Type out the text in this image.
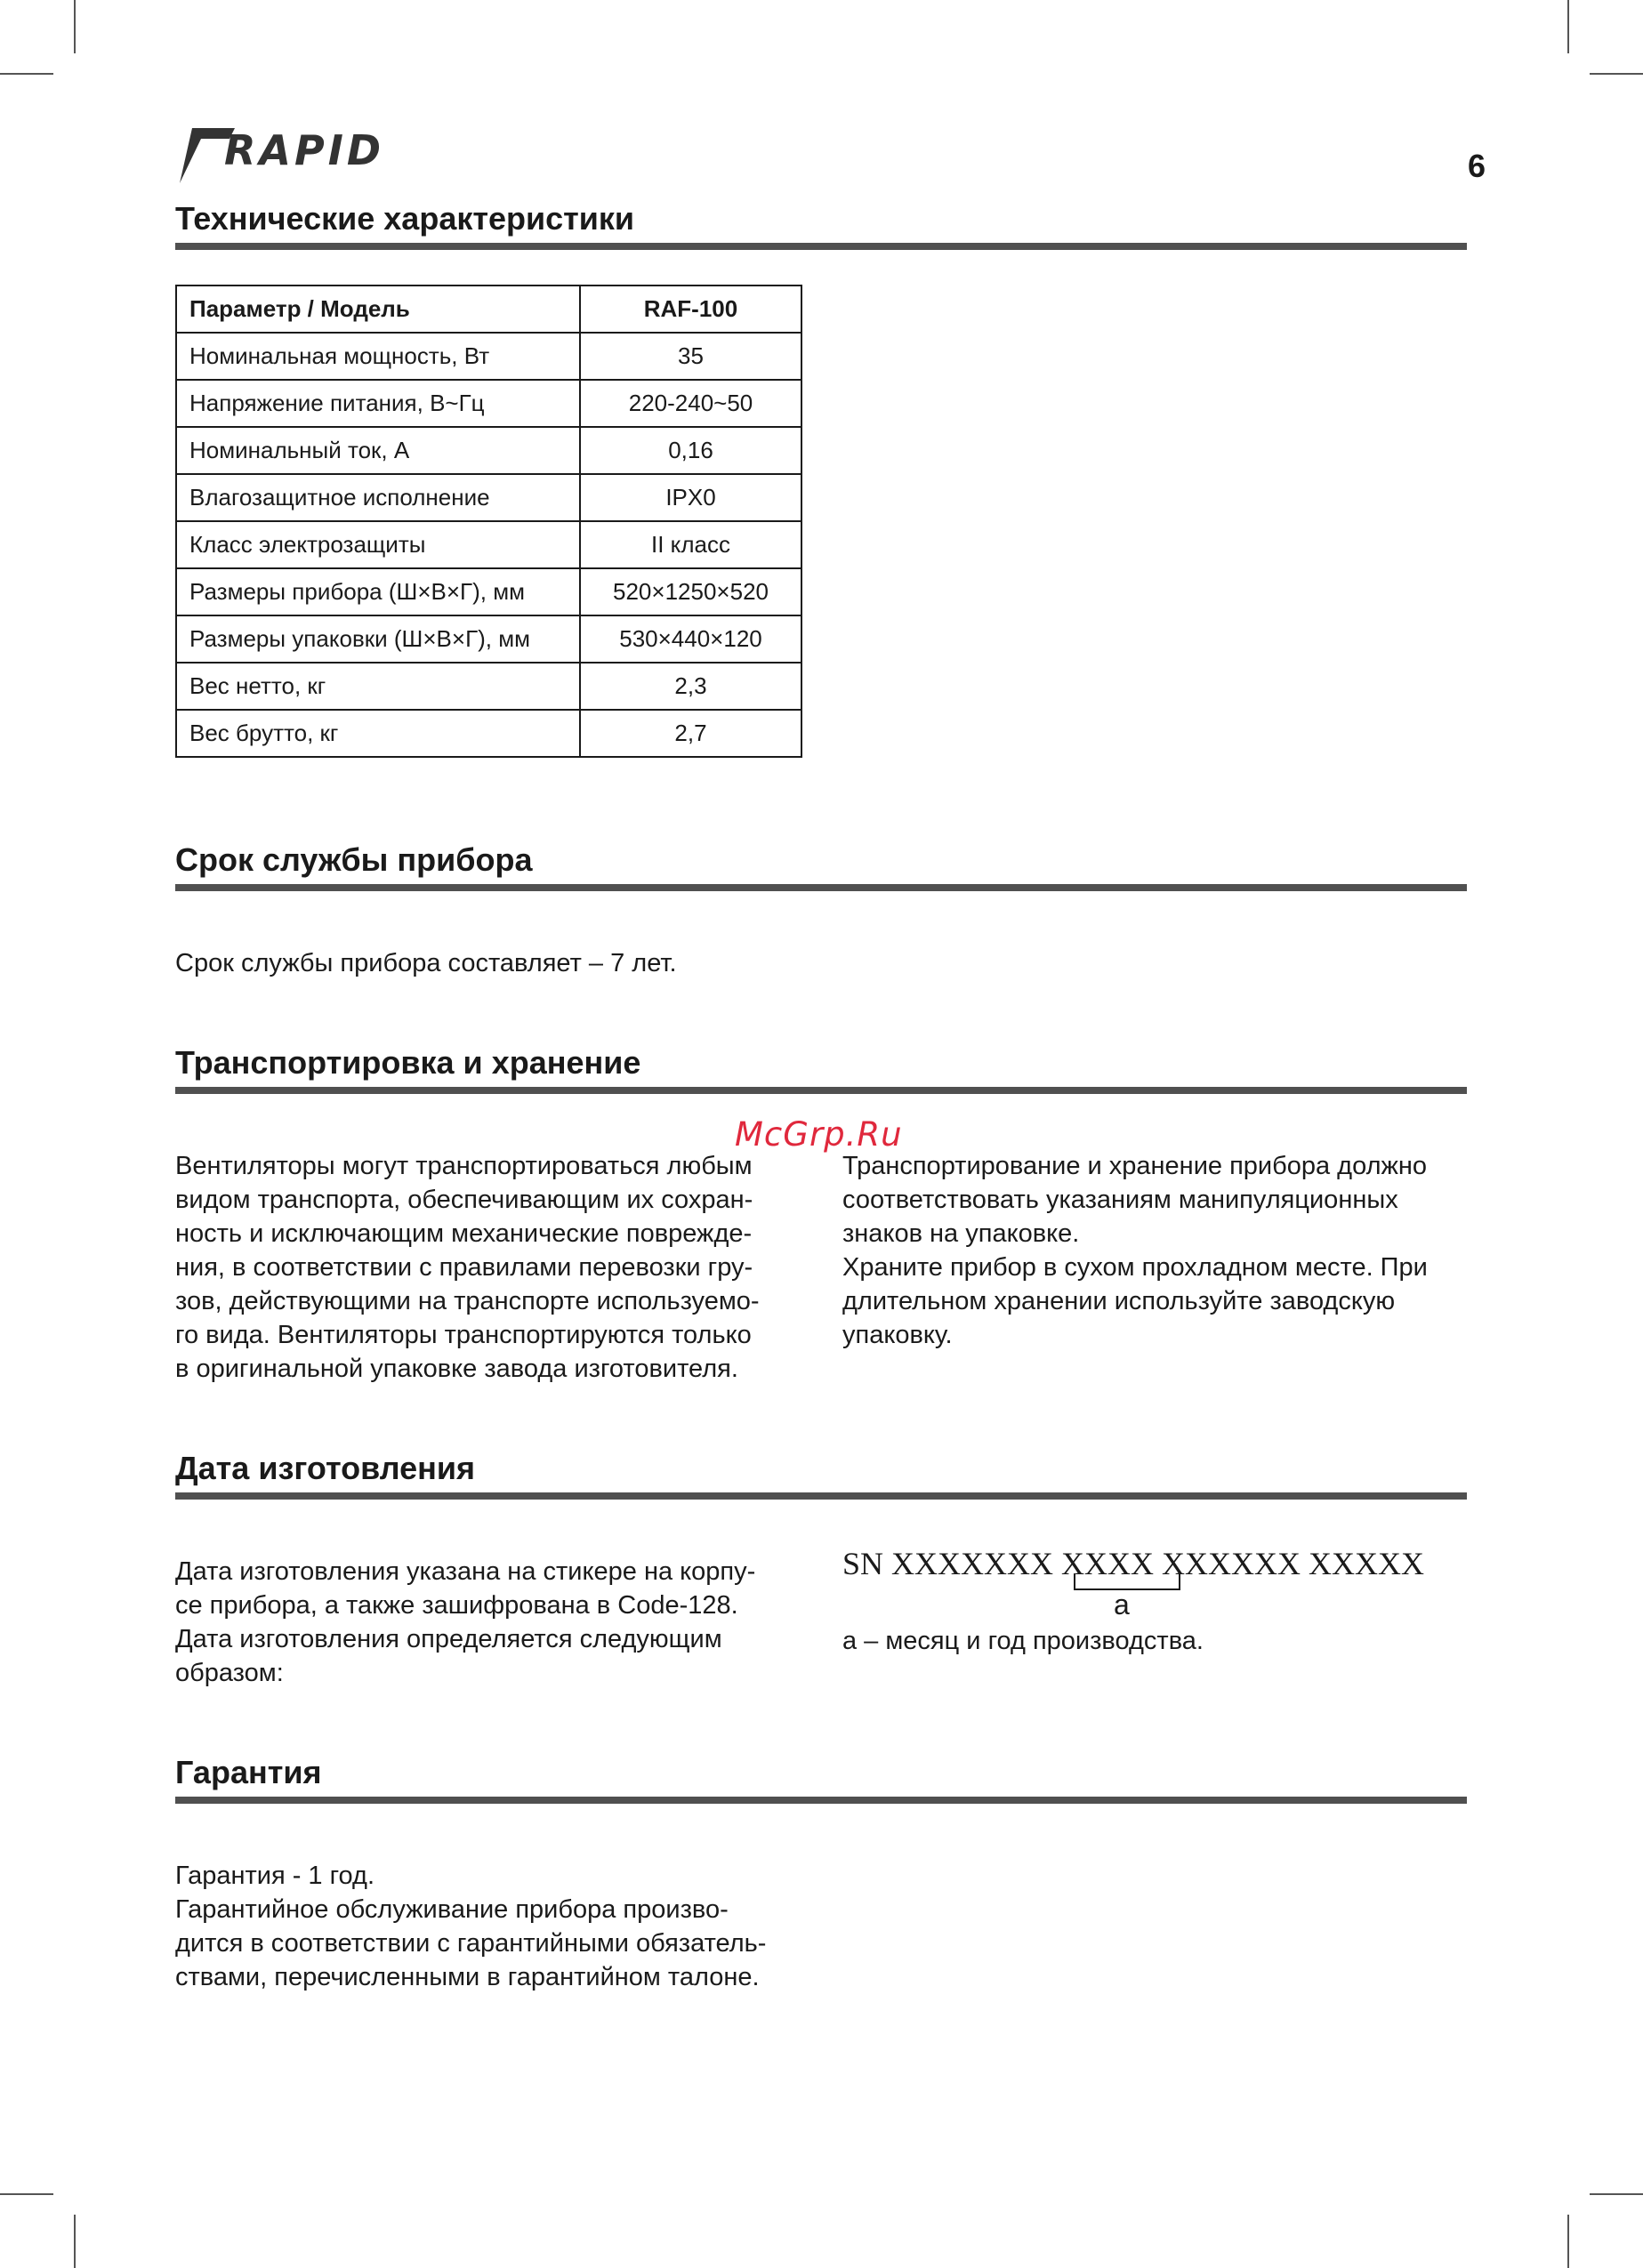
RAPID	6
Технические характеристики
Параметр / Модель	RAF-100
Номинальная мощность, Вт	35
Напряжение питания, В~Гц	220-240~50
Номинальный ток, А	0,16
Влагозащитное исполнение	IPX0
Класс электрозащиты	II класс
Размеры прибора (Ш×В×Г), мм	520×1250×520
Размеры упаковки (Ш×В×Г), мм	530×440×120
Вес нетто, кг	2,3
Вес брутто, кг	2,7
Срок службы прибора
Срок службы прибора составляет – 7 лет.
Транспортировка и хранение
McGrp.Ru

Вентиляторы могут транспортироваться любым

видом транспорта, обеспечивающим их сохран-

ность и исключающим механические поврежде-

ния, в соответствии с правилами перевозки гру-

зов, действующими на транспорте используемо-

го вида. Вентиляторы транспортируются только

в оригинальной упаковке завода изготовителя.

Транспортирование и хранение прибора должно

соответствовать указаниям манипуляционных

знаков на упаковке.

Храните прибор в сухом прохладном месте. При

длительном хранении используйте заводскую

упаковку.

Дата изготовления

Дата изготовления указана на стикере на корпу-

се прибора, а также зашифрована в Code-128.

Дата изготовления определяется следующим

образом:

SN XXXXXXX XXXX XXXXXX XXXXX
a
а – месяц и год производства.
Гарантия

Гарантия - 1 год.

Гарантийное обслуживание прибора произво-

дится в соответствии с гарантийными обязатель-

ствами, перечисленными в гарантийном талоне.
